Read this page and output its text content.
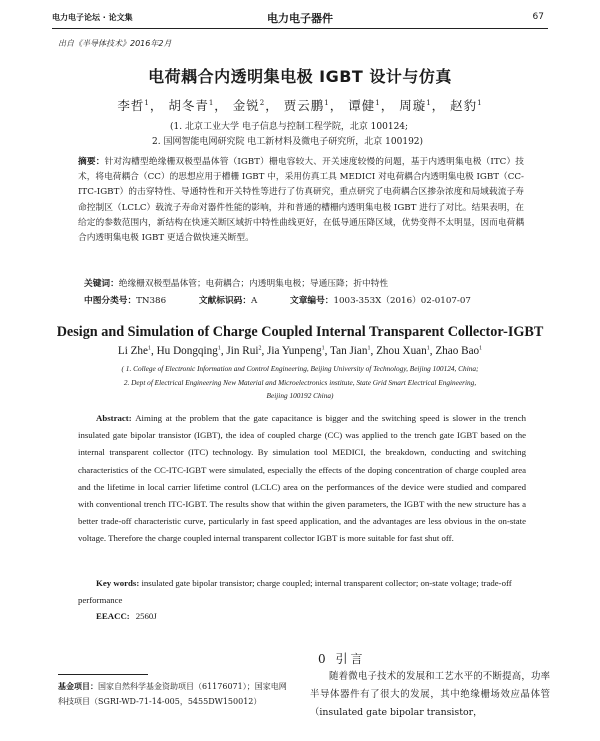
电力电子论坛 · 论文集	电力电子器件	67
出自《半导体技术》2016年2月
电荷耦合内透明集电极 IGBT 设计与仿真
李哲$^1$， 胡冬青$^1$， 金锐$^2$， 贾云鹏$^1$， 谭健$^1$， 周璇$^1$， 赵豹$^1$
(1. 北京工业大学 电子信息与控制工程学院，北京 100124;
2. 国网智能电网研究院 电工新材料及微电子研究所，北京 100192)
摘要：针对沟槽型绝缘栅双极型晶体管（IGBT）栅电容较大、开关速度较慢的问题，基于内透明集电极（ITC）技术，将电荷耦合（CC）的思想应用于槽栅 IGBT 中，采用仿真工具 MEDICI 对电荷耦合内透明集电极 IGBT（CC-ITC-IGBT）的击穿特性、导通特性和开关特性等进行了仿真研究，重点研究了电荷耦合区掺杂浓度和局域载流子寿命控制区（LCLC）载流子寿命对器件性能的影响，并和普通的槽栅内透明集电极 IGBT 进行了对比。结果表明，在给定的参数范围内，新结构在快速关断区域折中特性曲线更好，在低导通压降区域，优势变得不太明显，因而电荷耦合内透明集电极 IGBT 更适合做快速关断型。
关键词：绝缘栅双极型晶体管；电荷耦合；内透明集电极；导通压降；折中特性
中图分类号：TN386	文献标识码：A	文章编号：1003-353X（2016）02-0107-07
Design and Simulation of Charge Coupled Internal Transparent Collector-IGBT
Li Zhe$^1$, Hu Dongqing$^1$, Jin Rui$^2$, Jia Yunpeng$^1$, Tan Jian$^1$, Zhou Xuan$^1$, Zhao Bao$^1$
( 1. College of Electronic Information and Control Engineering, Beijing University of Technology, Beijing 100124, China;
2. Dept of Electrical Engineering New Material and Microelectronics institute, State Grid Smart Electrical Engineering,
Beijing 100192 China)
Abstract: Aiming at the problem that the gate capacitance is bigger and the switching speed is slower in the trench insulated gate bipolar transistor (IGBT), the idea of coupled charge (CC) was applied to the trench gate IGBT based on the internal transparent collector (ITC) technology. By simulation tool MEDICI, the breakdown, conducting and switching characteristics of the CC-ITC-IGBT were simulated, especially the effects of the doping concentration of charge coupled area and the lifetime in local carrier lifetime control (LCLC) area on the performances of the device were studied and compared with conventional trench ITC-IGBT. The results show that within the given parameters, the IGBT with the new structure has a better trade-off characteristic curve, particularly in fast speed application, and the advantages are less obvious in the on-state voltage. Therefore the charge coupled internal transparent collector IGBT is more suitable for fast shut off.
Key words: insulated gate bipolar transistor; charge coupled; internal transparent collector; on-state voltage; trade-off performance
EEACC: 2560J
0 引言
基金项目：国家自然科学基金资助项目（61176071）；国家电网科技项目（SGRI-WD-71-14-005，5455DW150012）
随着微电子技术的发展和工艺水平的不断提高，功率半导体器件有了很大的发展，其中绝缘栅场效应晶体管（insulated gate bipolar transistor，
